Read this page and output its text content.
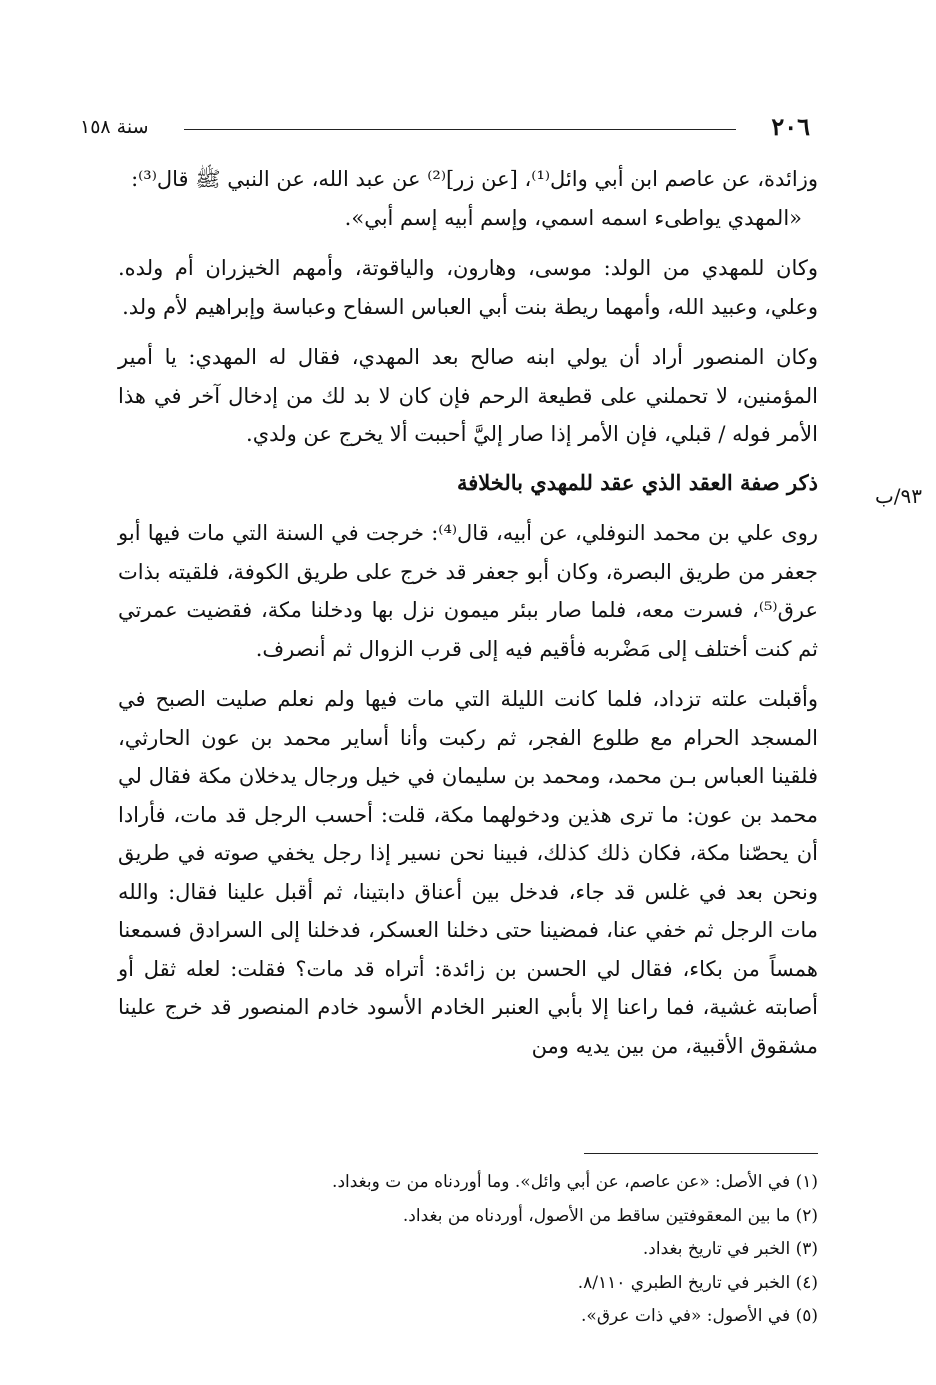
٢٠٦
سنة ١٥٨
٩٣/ب

وزائدة، عن عاصم ابن أبي وائل⁽¹⁾، [عن زر]⁽²⁾ عن عبد الله، عن النبي ﷺ قال⁽³⁾:

«المهدي يواطىء اسمه اسمي، وإسم أبيه إسم أبي».

وكان للمهدي من الولد: موسى، وهارون، والياقوتة، وأمهم الخيزران أم ولده. وعلي، وعبيد الله، وأمهما ريطة بنت أبي العباس السفاح وعباسة وإبراهيم لأم ولد.

وكان المنصور أراد أن يولي ابنه صالح بعد المهدي، فقال له المهدي: يا أمير المؤمنين، لا تحملني على قطيعة الرحم فإن كان لا بد لك من إدخال آخر في هذا الأمر فوله / قبلي، فإن الأمر إذا صار إليَّ أحببت ألا يخرج عن ولدي.

ذكر صفة العقد الذي عقد للمهدي بالخلافة

روى علي بن محمد النوفلي، عن أبيه، قال⁽⁴⁾: خرجت في السنة التي مات فيها أبو جعفر من طريق البصرة، وكان أبو جعفر قد خرج على طريق الكوفة، فلقيته بذات عرق⁽⁵⁾، فسرت معه، فلما صار ببئر ميمون نزل بها ودخلنا مكة، فقضيت عمرتي ثم كنت أختلف إلى مَضْربه فأقيم فيه إلى قرب الزوال ثم أنصرف.

وأقبلت علته تزداد، فلما كانت الليلة التي مات فيها ولم نعلم صليت الصبح في المسجد الحرام مع طلوع الفجر، ثم ركبت وأنا أساير محمد بن عون الحارثي، فلقينا العباس بـن محمد، ومحمد بن سليمان في خيل ورجال يدخلان مكة فقال لي محمد بن عون: ما ترى هذين ودخولهما مكة، قلت: أحسب الرجل قد مات، فأرادا أن يحصّنا مكة، فكان ذلك كذلك، فبينا نحن نسير إذا رجل يخفي صوته في طريق ونحن بعد في غلس قد جاء، فدخل بين أعناق دابتينا، ثم أقبل علينا فقال: والله مات الرجل ثم خفي عنا، فمضينا حتى دخلنا العسكر، فدخلنا إلى السرادق فسمعنا همساً من بكاء، فقال لي الحسن بن زائدة: أتراه قد مات؟ فقلت: لعله ثقل أو أصابته غشية، فما راعنا إلا بأبي العنبر الخادم الأسود خادم المنصور قد خرج علينا مشقوق الأقبية، من بين يديه ومن

(١) في الأصل: «عن عاصم، عن أبي وائل». وما أوردناه من ت وبغداد.

(٢) ما بين المعقوفتين ساقط من الأصول، أوردناه من بغداد.

(٣) الخبر في تاريخ بغداد.

(٤) الخبر في تاريخ الطبري ٨/١١٠.

(٥) في الأصول: «في ذات عرق».
